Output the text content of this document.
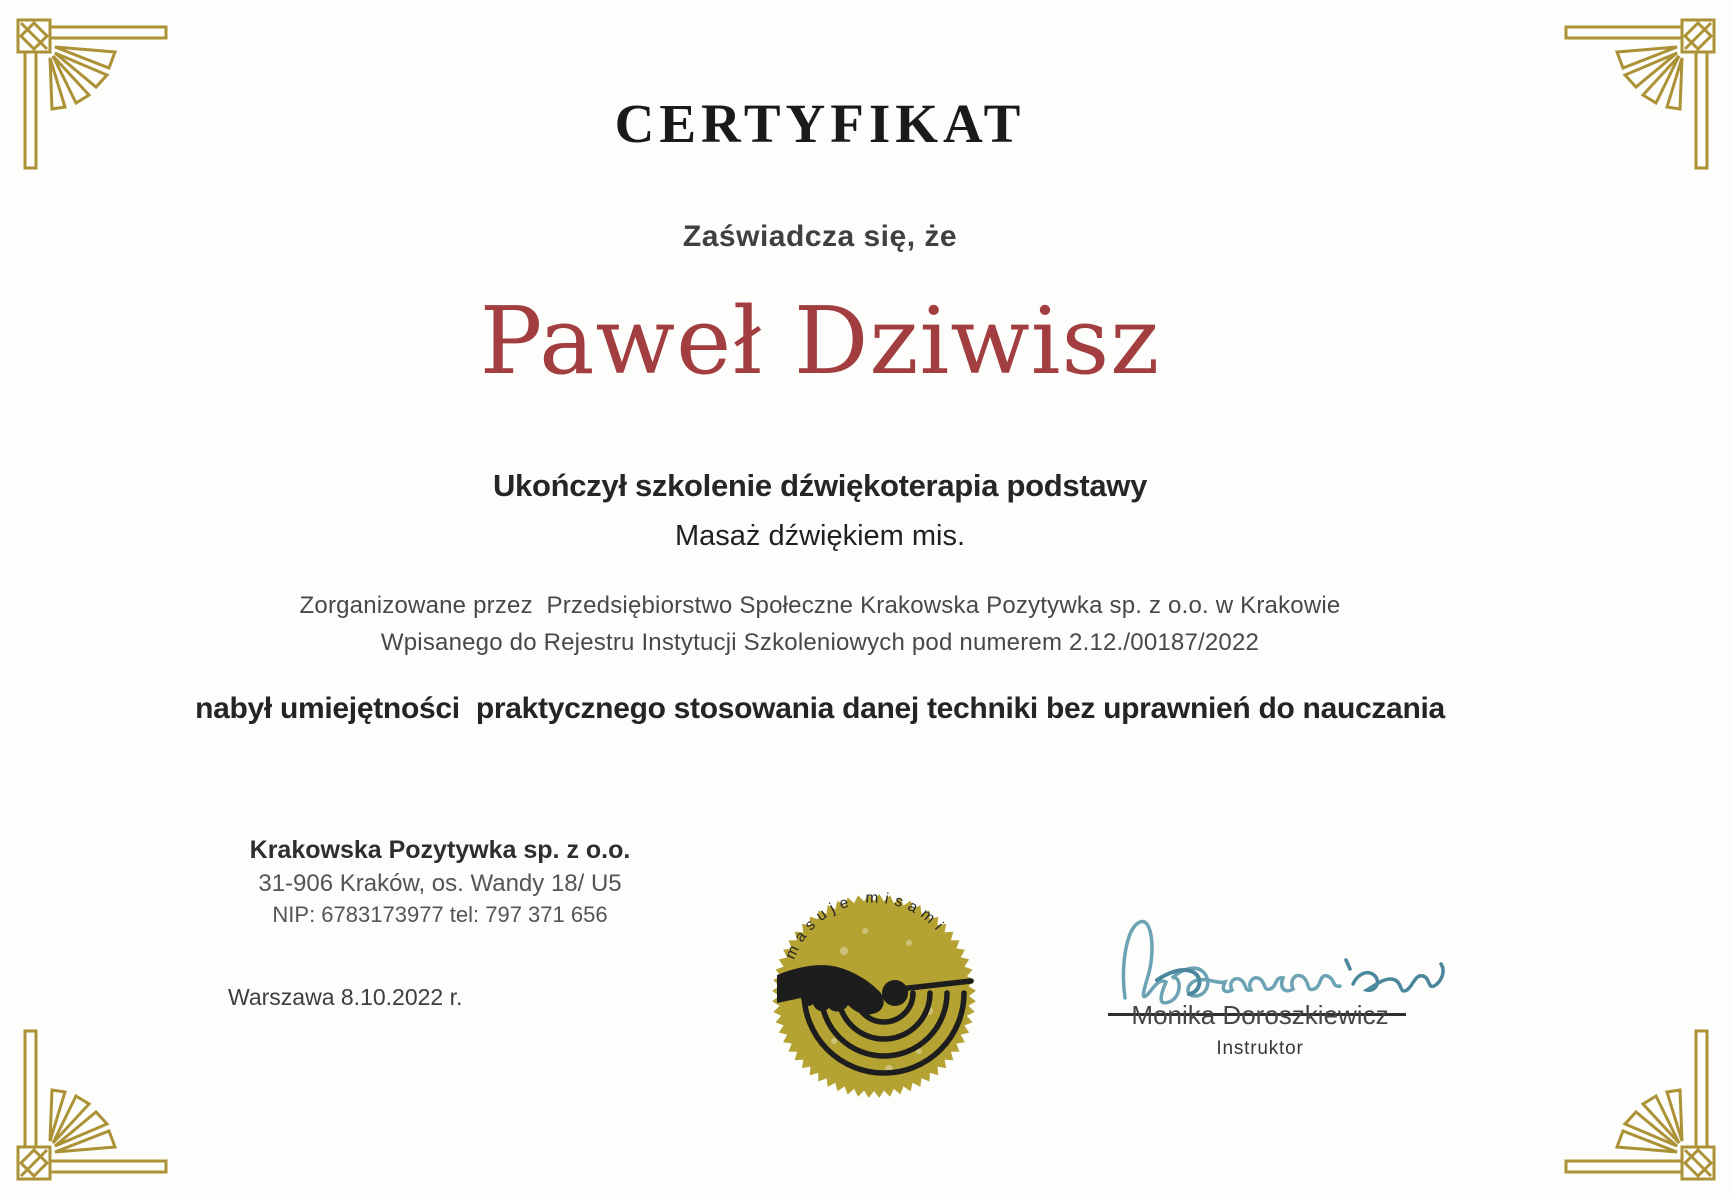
CERTYFIKAT
Zaświadcza się, że
Paweł Dziwisz
Ukończył szkolenie dźwiękoterapia podstawy
Masaż dźwiękiem mis.
Zorganizowane przez  Przedsiębiorstwo Społeczne Krakowska Pozytywka sp. z o.o. w Krakowie
Wpisanego do Rejestru Instytucji Szkoleniowych pod numerem 2.12./00187/2022
nabył umiejętności  praktycznego stosowania danej techniki bez uprawnień do nauczania
Krakowska Pozytywka sp. z o.o.
31-906 Kraków, os. Wandy 18/ U5
NIP: 6783173977 tel: 797 371 656
Warszawa 8.10.2022 r.
masuje misami
Monika Doroszkiewicz
Instruktor
